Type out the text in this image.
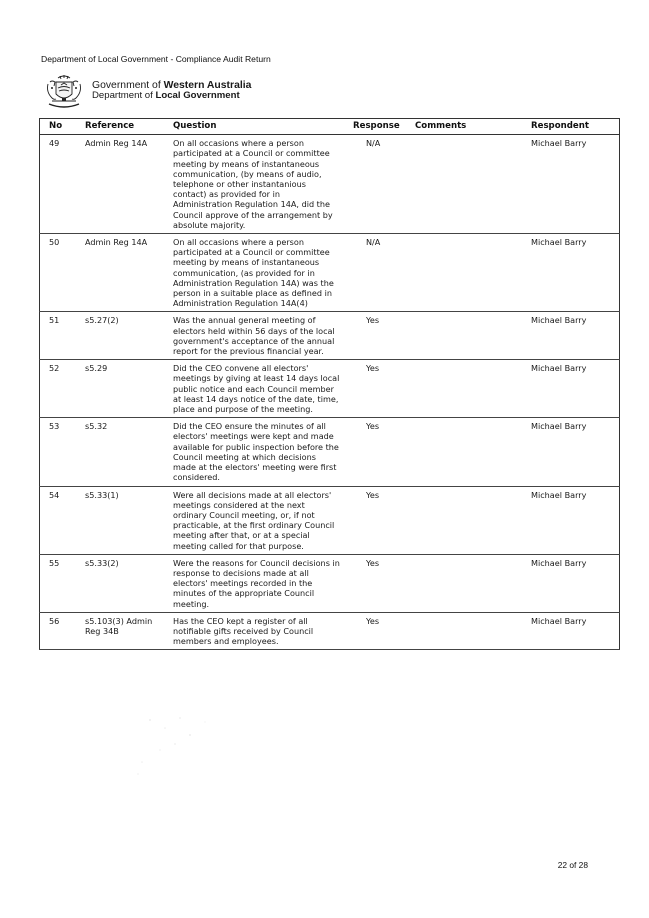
Department of Local Government - Compliance Audit Return
Government of Western Australia
Department of Local Government
No	Reference	Question	Response	Comments	Respondent
49	Admin Reg 14A	On all occasions where a person participated at a Council or committee meeting by means of instantaneous communication, (by means of audio, telephone or other instantanious contact) as provided for in Administration Regulation 14A, did the Council approve of the arrangement by absolute majority.	N/A		Michael Barry
50	Admin Reg 14A	On all occasions where a person participated at a Council or committee meeting by means of instantaneous communication, (as provided for in Administration Regulation 14A) was the person in a suitable place as defined in Administration Regulation 14A(4)	N/A		Michael Barry
51	s5.27(2)	Was the annual general meeting of electors held within 56 days of the local government's acceptance of the annual report for the previous financial year.	Yes		Michael Barry
52	s5.29	Did the CEO convene all electors' meetings by giving at least 14 days local public notice and each Council member at least 14 days notice of the date, time, place and purpose of the meeting.	Yes		Michael Barry
53	s5.32	Did the CEO ensure the minutes of all electors' meetings were kept and made available for public inspection before the Council meeting at which decisions made at the electors' meeting were first considered.	Yes		Michael Barry
54	s5.33(1)	Were all decisions made at all electors' meetings considered at the next ordinary Council meeting, or, if not practicable, at the first ordinary Council meeting after that, or at a special meeting called for that purpose.	Yes		Michael Barry
55	s5.33(2)	Were the reasons for Council decisions in response to decisions made at all electors' meetings recorded in the minutes of the appropriate Council meeting.	Yes		Michael Barry
56	s5.103(3) Admin Reg 34B	Has the CEO kept a register of all notifiable gifts received by Council members and employees.	Yes		Michael Barry
22 of 28
